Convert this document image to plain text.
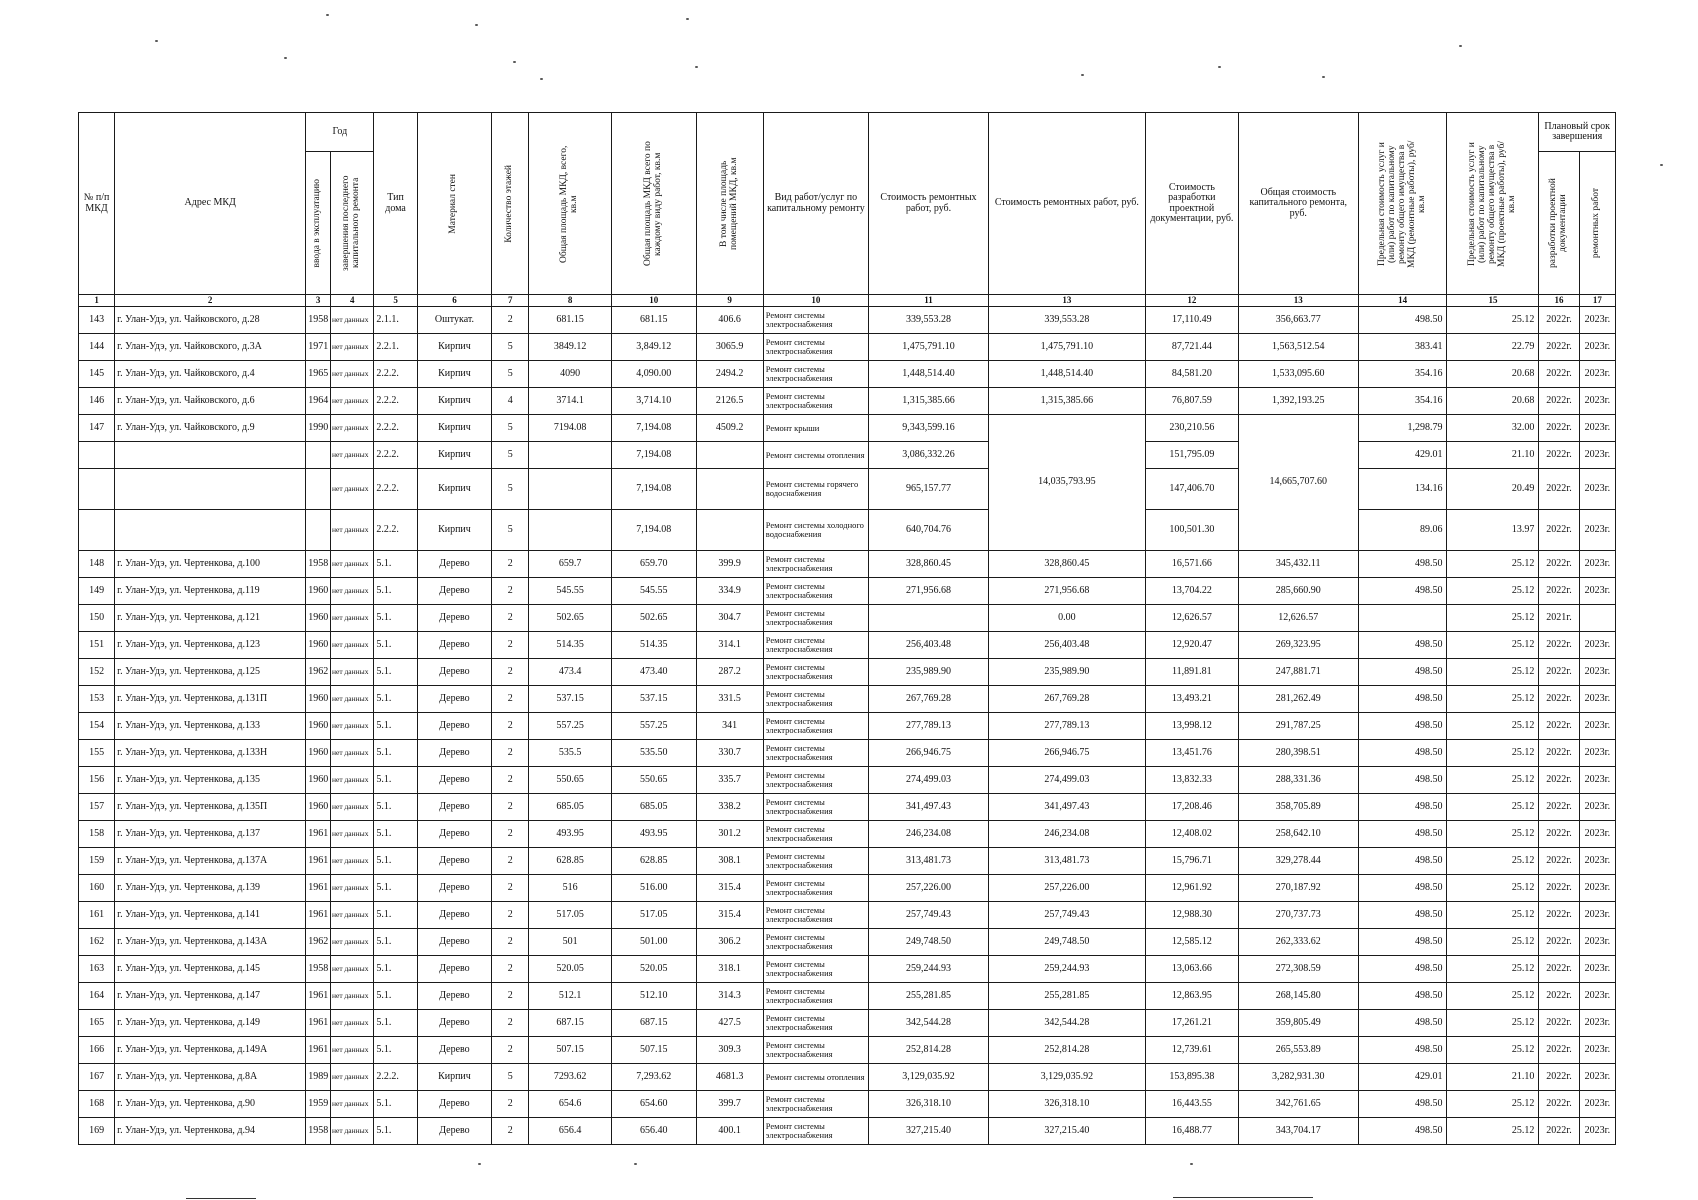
№ п/п МКД	Адрес МКД	Год		Тип дома	Материал стен	Количество этажей	Общая площадь МКД, всего, кв.м	Общая площадь МКД всего по каждому виду работ, кв.м	В том числе площадь помещений МКД, кв.м	Вид работ/услуг по капитальному ремонту	Стоимость ремонтных работ, руб.	Стоимость ремонтных работ, руб.	Стоимость разработки проектной документации, руб.	Общая стоимость капитального ремонта, руб.	Предельная стоимость услуг и (или) работ по капитальному ремонту общего имущества в МКД (ремонтные работы), руб/кв.м	Предельная стоимость услуг и (или) работ по капитальному ремонту общего имущества в МКД (проектные работы), руб/кв.м	Плановый срок завершения	

		ввода в эксплуатацию	завершения последнего капитального ремонта														разработки проектной документации	ремонтных работ

1	2	3	4	5	6	7	8	10	9	10	11	13	12	13	14	15	16	17
143	г. Улан-Удэ, ул. Чайковского, д.28	1958	нет данных	2.1.1.	Оштукат.	2	681.15	681.15	406.6	Ремонт системы электроснабжения	339,553.28	339,553.28	17,110.49	356,663.77	498.50	25.12	2022г.	2023г.
144	г. Улан-Удэ, ул. Чайковского, д.3А	1971	нет данных	2.2.1.	Кирпич	5	3849.12	3,849.12	3065.9	Ремонт системы электроснабжения	1,475,791.10	1,475,791.10	87,721.44	1,563,512.54	383.41	22.79	2022г.	2023г.
145	г. Улан-Удэ, ул. Чайковского, д.4	1965	нет данных	2.2.2.	Кирпич	5	4090	4,090.00	2494.2	Ремонт системы электроснабжения	1,448,514.40	1,448,514.40	84,581.20	1,533,095.60	354.16	20.68	2022г.	2023г.
146	г. Улан-Удэ, ул. Чайковского, д.6	1964	нет данных	2.2.2.	Кирпич	4	3714.1	3,714.10	2126.5	Ремонт системы электроснабжения	1,315,385.66	1,315,385.66	76,807.59	1,392,193.25	354.16	20.68	2022г.	2023г.
147	г. Улан-Удэ, ул. Чайковского, д.9	1990	нет данных	2.2.2.	Кирпич	5	7194.08	7,194.08	4509.2	Ремонт крыши	9,343,599.16	14,035,793.95	230,210.56	14,665,707.60	1,298.79	32.00	2022г.	2023г.
			нет данных	2.2.2.	Кирпич	5		7,194.08		Ремонт системы отопления	3,086,332.26		151,795.09		429.01	21.10	2022г.	2023г.
			нет данных	2.2.2.	Кирпич	5		7,194.08		Ремонт системы горячего водоснабжения	965,157.77		147,406.70		134.16	20.49	2022г.	2023г.
			нет данных	2.2.2.	Кирпич	5		7,194.08		Ремонт системы холодного водоснабжения	640,704.76		100,501.30		89.06	13.97	2022г.	2023г.
148	г. Улан-Удэ, ул. Чертенкова, д.100	1958	нет данных	5.1.	Дерево	2	659.7	659.70	399.9	Ремонт системы электроснабжения	328,860.45	328,860.45	16,571.66	345,432.11	498.50	25.12	2022г.	2023г.
149	г. Улан-Удэ, ул. Чертенкова, д.119	1960	нет данных	5.1.	Дерево	2	545.55	545.55	334.9	Ремонт системы электроснабжения	271,956.68	271,956.68	13,704.22	285,660.90	498.50	25.12	2022г.	2023г.
150	г. Улан-Удэ, ул. Чертенкова, д.121	1960	нет данных	5.1.	Дерево	2	502.65	502.65	304.7	Ремонт системы электроснабжения		0.00	12,626.57	12,626.57		25.12	2021г.	
151	г. Улан-Удэ, ул. Чертенкова, д.123	1960	нет данных	5.1.	Дерево	2	514.35	514.35	314.1	Ремонт системы электроснабжения	256,403.48	256,403.48	12,920.47	269,323.95	498.50	25.12	2022г.	2023г.
152	г. Улан-Удэ, ул. Чертенкова, д.125	1962	нет данных	5.1.	Дерево	2	473.4	473.40	287.2	Ремонт системы электроснабжения	235,989.90	235,989.90	11,891.81	247,881.71	498.50	25.12	2022г.	2023г.
153	г. Улан-Удэ, ул. Чертенкова, д.131П	1960	нет данных	5.1.	Дерево	2	537.15	537.15	331.5	Ремонт системы электроснабжения	267,769.28	267,769.28	13,493.21	281,262.49	498.50	25.12	2022г.	2023г.
154	г. Улан-Удэ, ул. Чертенкова, д.133	1960	нет данных	5.1.	Дерево	2	557.25	557.25	341	Ремонт системы электроснабжения	277,789.13	277,789.13	13,998.12	291,787.25	498.50	25.12	2022г.	2023г.
155	г. Улан-Удэ, ул. Чертенкова, д.133Н	1960	нет данных	5.1.	Дерево	2	535.5	535.50	330.7	Ремонт системы электроснабжения	266,946.75	266,946.75	13,451.76	280,398.51	498.50	25.12	2022г.	2023г.
156	г. Улан-Удэ, ул. Чертенкова, д.135	1960	нет данных	5.1.	Дерево	2	550.65	550.65	335.7	Ремонт системы электроснабжения	274,499.03	274,499.03	13,832.33	288,331.36	498.50	25.12	2022г.	2023г.
157	г. Улан-Удэ, ул. Чертенкова, д.135П	1960	нет данных	5.1.	Дерево	2	685.05	685.05	338.2	Ремонт системы электроснабжения	341,497.43	341,497.43	17,208.46	358,705.89	498.50	25.12	2022г.	2023г.
158	г. Улан-Удэ, ул. Чертенкова, д.137	1961	нет данных	5.1.	Дерево	2	493.95	493.95	301.2	Ремонт системы электроснабжения	246,234.08	246,234.08	12,408.02	258,642.10	498.50	25.12	2022г.	2023г.
159	г. Улан-Удэ, ул. Чертенкова, д.137А	1961	нет данных	5.1.	Дерево	2	628.85	628.85	308.1	Ремонт системы электроснабжения	313,481.73	313,481.73	15,796.71	329,278.44	498.50	25.12	2022г.	2023г.
160	г. Улан-Удэ, ул. Чертенкова, д.139	1961	нет данных	5.1.	Дерево	2	516	516.00	315.4	Ремонт системы электроснабжения	257,226.00	257,226.00	12,961.92	270,187.92	498.50	25.12	2022г.	2023г.
161	г. Улан-Удэ, ул. Чертенкова, д.141	1961	нет данных	5.1.	Дерево	2	517.05	517.05	315.4	Ремонт системы электроснабжения	257,749.43	257,749.43	12,988.30	270,737.73	498.50	25.12	2022г.	2023г.
162	г. Улан-Удэ, ул. Чертенкова, д.143А	1962	нет данных	5.1.	Дерево	2	501	501.00	306.2	Ремонт системы электроснабжения	249,748.50	249,748.50	12,585.12	262,333.62	498.50	25.12	2022г.	2023г.
163	г. Улан-Удэ, ул. Чертенкова, д.145	1958	нет данных	5.1.	Дерево	2	520.05	520.05	318.1	Ремонт системы электроснабжения	259,244.93	259,244.93	13,063.66	272,308.59	498.50	25.12	2022г.	2023г.
164	г. Улан-Удэ, ул. Чертенкова, д.147	1961	нет данных	5.1.	Дерево	2	512.1	512.10	314.3	Ремонт системы электроснабжения	255,281.85	255,281.85	12,863.95	268,145.80	498.50	25.12	2022г.	2023г.
165	г. Улан-Удэ, ул. Чертенкова, д.149	1961	нет данных	5.1.	Дерево	2	687.15	687.15	427.5	Ремонт системы электроснабжения	342,544.28	342,544.28	17,261.21	359,805.49	498.50	25.12	2022г.	2023г.
166	г. Улан-Удэ, ул. Чертенкова, д.149А	1961	нет данных	5.1.	Дерево	2	507.15	507.15	309.3	Ремонт системы электроснабжения	252,814.28	252,814.28	12,739.61	265,553.89	498.50	25.12	2022г.	2023г.
167	г. Улан-Удэ, ул. Чертенкова, д.8А	1989	нет данных	2.2.2.	Кирпич	5	7293.62	7,293.62	4681.3	Ремонт системы отопления	3,129,035.92	3,129,035.92	153,895.38	3,282,931.30	429.01	21.10	2022г.	2023г.
168	г. Улан-Удэ, ул. Чертенкова, д.90	1959	нет данных	5.1.	Дерево	2	654.6	654.60	399.7	Ремонт системы электроснабжения	326,318.10	326,318.10	16,443.55	342,761.65	498.50	25.12	2022г.	2023г.
169	г. Улан-Удэ, ул. Чертенкова, д.94	1958	нет данных	5.1.	Дерево	2	656.4	656.40	400.1	Ремонт системы электроснабжения	327,215.40	327,215.40	16,488.77	343,704.17	498.50	25.12	2022г.	2023г.
